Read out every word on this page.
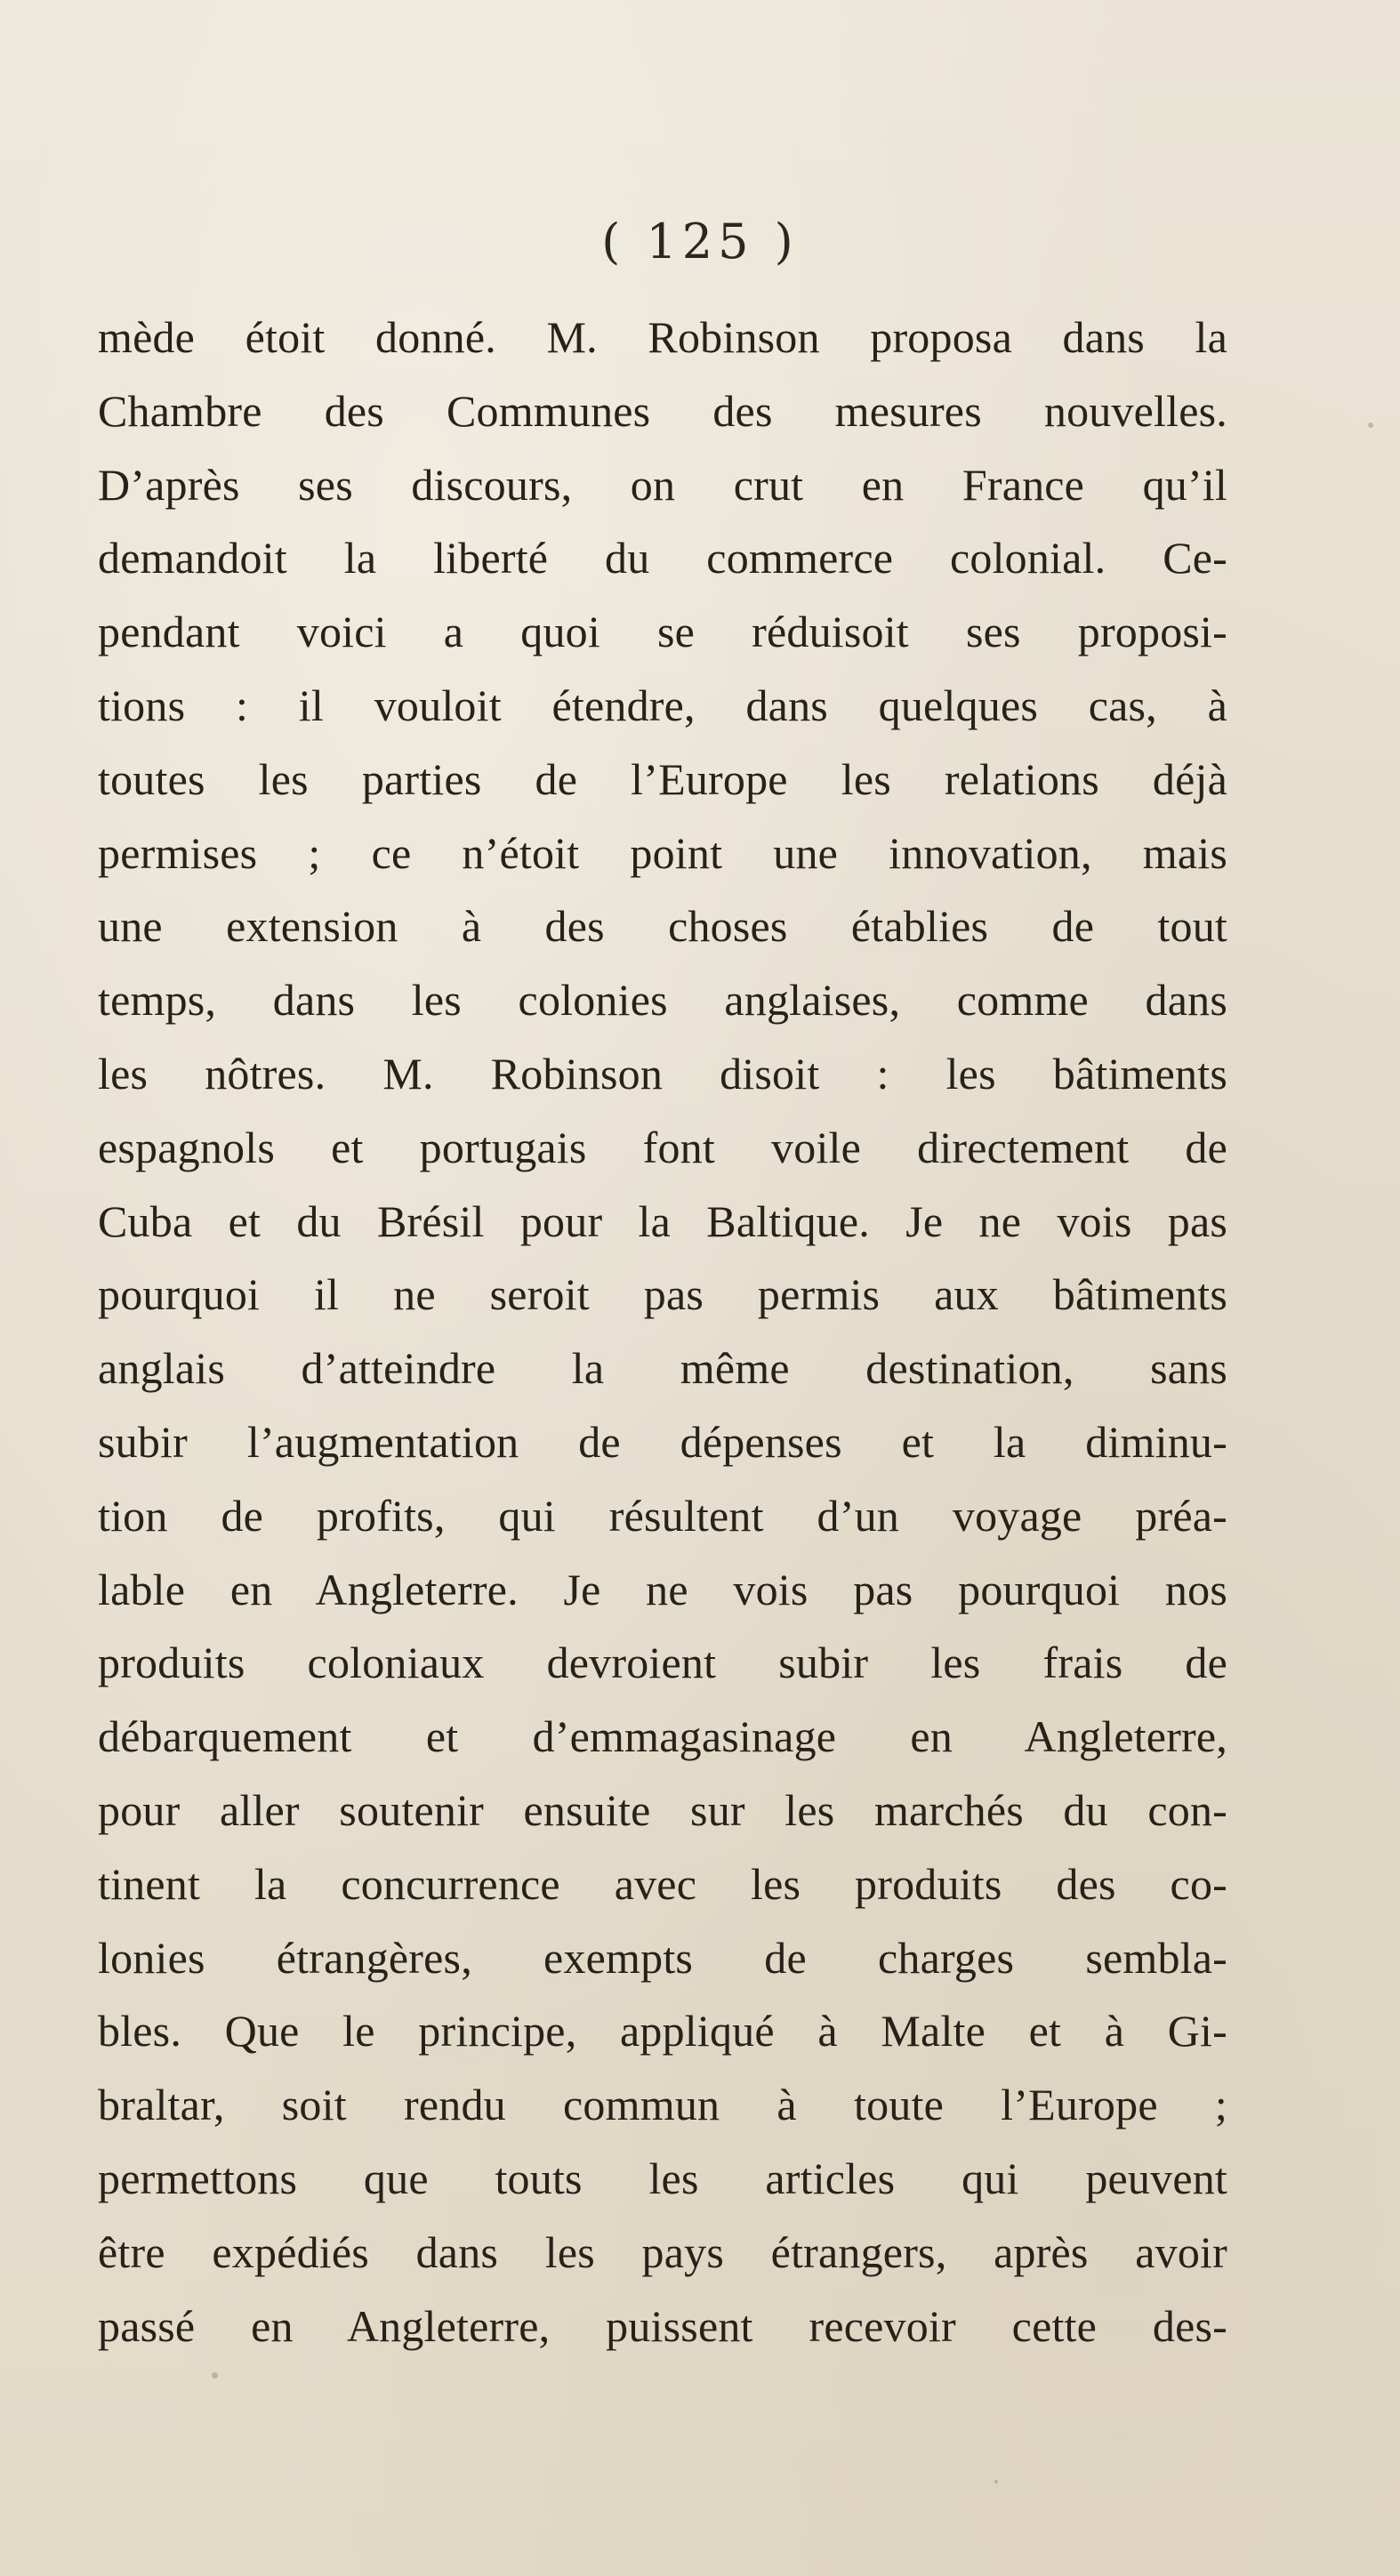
( 125 )
mède étoit donné. M. Robinson proposa dans la
Chambre des Communes des mesures nouvelles.
D’après ses discours, on crut en France qu’il
demandoit la liberté du commerce colonial. Ce-
pendant voici a quoi se réduisoit ses proposi-
tions : il vouloit étendre, dans quelques cas, à
toutes les parties de l’Europe les relations déjà
permises ; ce n’étoit point une innovation, mais
une extension à des choses établies de tout
temps, dans les colonies anglaises, comme dans
les nôtres. M. Robinson disoit : les bâtiments
espagnols et portugais font voile directement de
Cuba et du Brésil pour la Baltique. Je ne vois pas
pourquoi il ne seroit pas permis aux bâtiments
anglais d’atteindre la même destination, sans
subir l’augmentation de dépenses et la diminu-
tion de profits, qui résultent d’un voyage préa-
lable en Angleterre. Je ne vois pas pourquoi nos
produits coloniaux devroient subir les frais de
débarquement et d’emmagasinage en Angleterre,
pour aller soutenir ensuite sur les marchés du con-
tinent la concurrence avec les produits des co-
lonies étrangères, exempts de charges sembla-
bles. Que le principe, appliqué à Malte et à Gi-
braltar, soit rendu commun à toute l’Europe ;
permettons que touts les articles qui peuvent
être expédiés dans les pays étrangers, après avoir
passé en Angleterre, puissent recevoir cette des-
